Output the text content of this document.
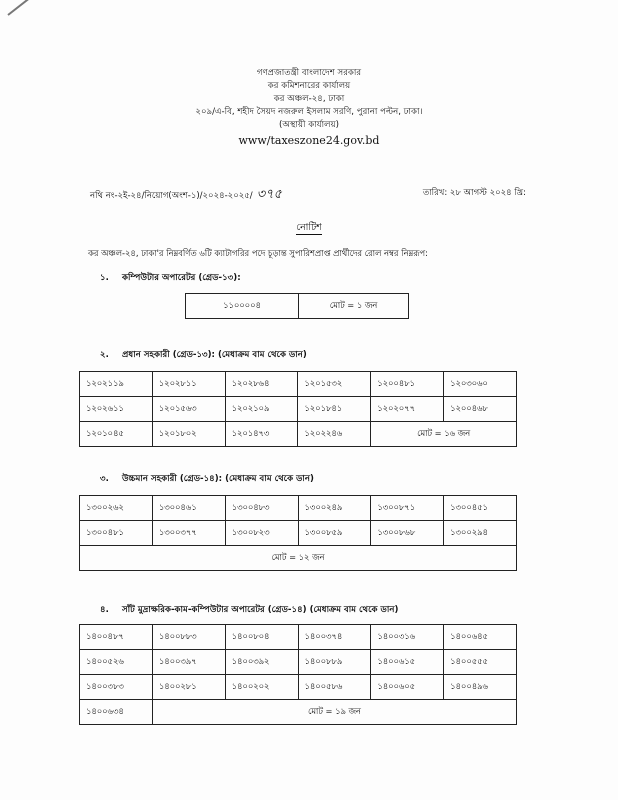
গণপ্রজাতন্ত্রী বাংলাদেশ সরকার
কর কমিশনারের কার্যালয়
কর অঞ্চল-২৪, ঢাকা
২০৯/এ-বি, শহীদ সৈয়দ নজরুল ইসলাম সরণি, পুরানা পল্টন, ঢাকা।
(অস্থায়ী কার্যালয়)
www/taxeszone24.gov.bd
নথি নং-২ই-২৪/নিয়োগ(অংশ-১)/২০২৪-২০২৫/ ৩৭৫	তারিখ: ২৮ আগস্ট ২০২৪ খ্রি:
নোটিশ
কর অঞ্চল-২৪, ঢাকা'র নিম্নবর্ণিত ৬টি ক্যাটাগরির পদে চূড়ান্ত সুপারিশপ্রাপ্ত প্রার্থীদের রোল নম্বর নিম্নরূপ:
১. কম্পিউটার অপারেটর (গ্রেড-১৩):
১১০০০০৪	মোট = ১ জন
২. প্রধান সহকারী (গ্রেড-১৩): (মেধাক্রম বাম থেকে ডান)
১২০২১১৯	১২০২৮১১	১২০২৮৬৪	১২০১৫৩২	১২০০৪৮১	১২০৩০৬০
১২০২৬১১	১২০১৫৬৩	১২০২১০৯	১২০১৮৪১	১২০২০৭৭	১২০০৪৬৮
১২০১০৪৫	১২০১৮০২	১২০১৪৭৩	১২০২২৪৬	মোট = ১৬ জন	
৩. উচ্চমান সহকারী (গ্রেড-১৪): (মেধাক্রম বাম থেকে ডান)
১৩০০২৬২	১৩০০৪৬১	১৩০০৪৮৩	১৩০০২৪৯	১৩০০৮৭১	১৩০০৪৫১
১৩০০৪৮১	১৩০০৩৭৭	১৩০০৮২৩	১৩০০৮৫৯	১৩০০৮৬৮	১৩০০২৯৪
মোট = ১২ জন					
৪. সাঁট মুদ্রাক্ষরিক-কাম-কম্পিউটার অপারেটর (গ্রেড-১৪) (মেধাক্রম বাম থেকে ডান)
১৪০০৪৮৭	১৪০০৮৮৩	১৪০০৮০৪	১৪০০৩৭৪	১৪০০৩১৬	১৪০০৬৪৫
১৪০০৫২৬	১৪০০৩৯৭	১৪০০৩৯২	১৪০০৮৮৯	১৪০০৬১৫	১৪০০৫৫৫
১৪০০৩৮৩	১৪০০২৮১	১৪০০২০২	১৪০০৫৮৬	১৪০০৬০৫	১৪০০৪৯৬
১৪০০৬৩৪	মোট = ১৯ জন				
